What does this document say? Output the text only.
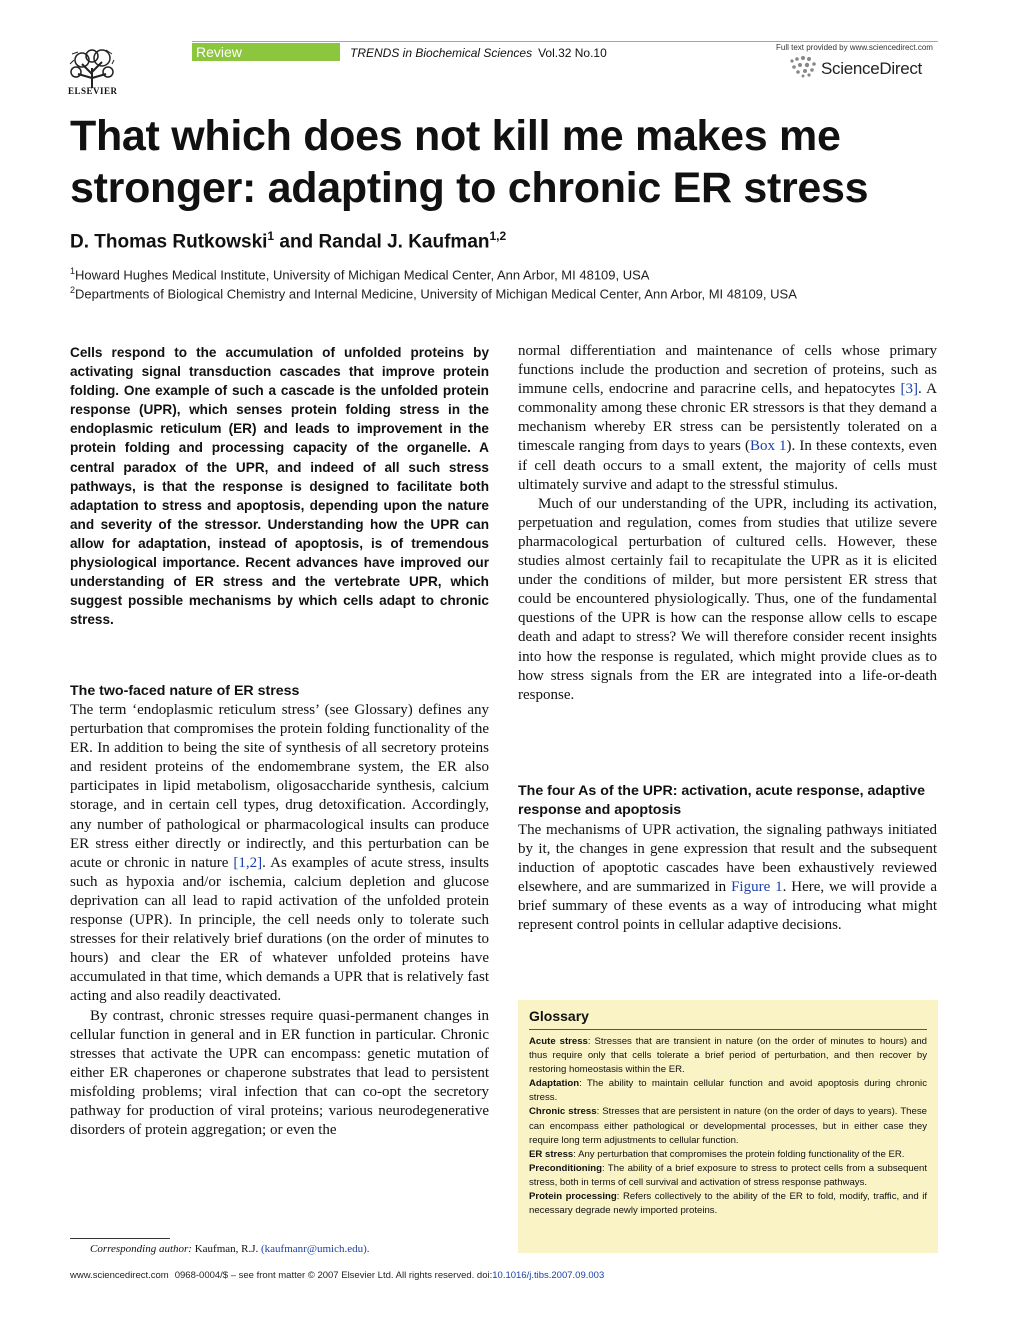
ELSEVIER
Review	TRENDS in Biochemical Sciences Vol.32 No.10	Full text provided by www.sciencedirect.com
ScienceDirect
That which does not kill me makes me stronger: adapting to chronic ER stress
D. Thomas Rutkowski$^1$ and Randal J. Kaufman$^{1,2}$
$^1$Howard Hughes Medical Institute, University of Michigan Medical Center, Ann Arbor, MI 48109, USA
$^2$Departments of Biological Chemistry and Internal Medicine, University of Michigan Medical Center, Ann Arbor, MI 48109, USA
Cells respond to the accumulation of unfolded proteins by activating signal transduction cascades that improve protein folding. One example of such a cascade is the unfolded protein response (UPR), which senses protein folding stress in the endoplasmic reticulum (ER) and leads to improvement in the protein folding and processing capacity of the organelle. A central paradox of the UPR, and indeed of all such stress pathways, is that the response is designed to facilitate both adaptation to stress and apoptosis, depending upon the nature and severity of the stressor. Understanding how the UPR can allow for adaptation, instead of apoptosis, is of tremendous physiological importance. Recent advances have improved our understanding of ER stress and the vertebrate UPR, which suggest possible mechanisms by which cells adapt to chronic stress.
The two-faced nature of ER stress

The term ‘endoplasmic reticulum stress’ (see Glossary) defines any perturbation that compromises the protein folding functionality of the ER. In addition to being the site of synthesis of all secretory proteins and resident proteins of the endomembrane system, the ER also participates in lipid metabolism, oligosaccharide synthesis, calcium storage, and in certain cell types, drug detoxification. Accordingly, any number of pathological or pharmacological insults can produce ER stress either directly or indirectly, and this perturbation can be acute or chronic in nature [1,2]. As examples of acute stress, insults such as hypoxia and/or ischemia, calcium depletion and glucose deprivation can all lead to rapid activation of the unfolded protein response (UPR). In principle, the cell needs only to tolerate such stresses for their relatively brief durations (on the order of minutes to hours) and clear the ER of whatever unfolded proteins have accumulated in that time, which demands a UPR that is relatively fast acting and also readily deactivated.

By contrast, chronic stresses require quasi-permanent changes in cellular function in general and in ER function in particular. Chronic stresses that activate the UPR can encompass: genetic mutation of either ER chaperones or chaperone substrates that lead to persistent misfolding problems; viral infection that can co-opt the secretory pathway for production of viral proteins; various neurodegenerative disorders of protein aggregation; or even the

normal differentiation and maintenance of cells whose primary functions include the production and secretion of proteins, such as immune cells, endocrine and paracrine cells, and hepatocytes [3]. A commonality among these chronic ER stressors is that they demand a mechanism whereby ER stress can be persistently tolerated on a timescale ranging from days to years (Box 1). In these contexts, even if cell death occurs to a small extent, the majority of cells must ultimately survive and adapt to the stressful stimulus.

Much of our understanding of the UPR, including its activation, perpetuation and regulation, comes from studies that utilize severe pharmacological perturbation of cultured cells. However, these studies almost certainly fail to recapitulate the UPR as it is elicited under the conditions of milder, but more persistent ER stress that could be encountered physiologically. Thus, one of the fundamental questions of the UPR is how can the response allow cells to escape death and adapt to stress? We will therefore consider recent insights into how the response is regulated, which might provide clues as to how stress signals from the ER are integrated into a life-or-death response.

The four As of the UPR: activation, acute response, adaptive response and apoptosis

The mechanisms of UPR activation, the signaling pathways initiated by it, the changes in gene expression that result and the subsequent induction of apoptotic cascades have been exhaustively reviewed elsewhere, and are summarized in Figure 1. Here, we will provide a brief summary of these events as a way of introducing what might represent control points in cellular adaptive decisions.

Glossary

Acute stress: Stresses that are transient in nature (on the order of minutes to hours) and thus require only that cells tolerate a brief period of perturbation, and then recover by restoring homeostasis within the ER.

Adaptation: The ability to maintain cellular function and avoid apoptosis during chronic stress.

Chronic stress: Stresses that are persistent in nature (on the order of days to years). These can encompass either pathological or developmental processes, but in either case they require long term adjustments to cellular function.

ER stress: Any perturbation that compromises the protein folding functionality of the ER.

Preconditioning: The ability of a brief exposure to stress to protect cells from a subsequent stress, both in terms of cell survival and activation of stress response pathways.

Protein processing: Refers collectively to the ability of the ER to fold, modify, traffic, and if necessary degrade newly imported proteins.

Corresponding author: Kaufman, R.J. (kaufmanr@umich.edu).
www.sciencedirect.com 0968-0004/$ – see front matter © 2007 Elsevier Ltd. All rights reserved. doi:10.1016/j.tibs.2007.09.003
